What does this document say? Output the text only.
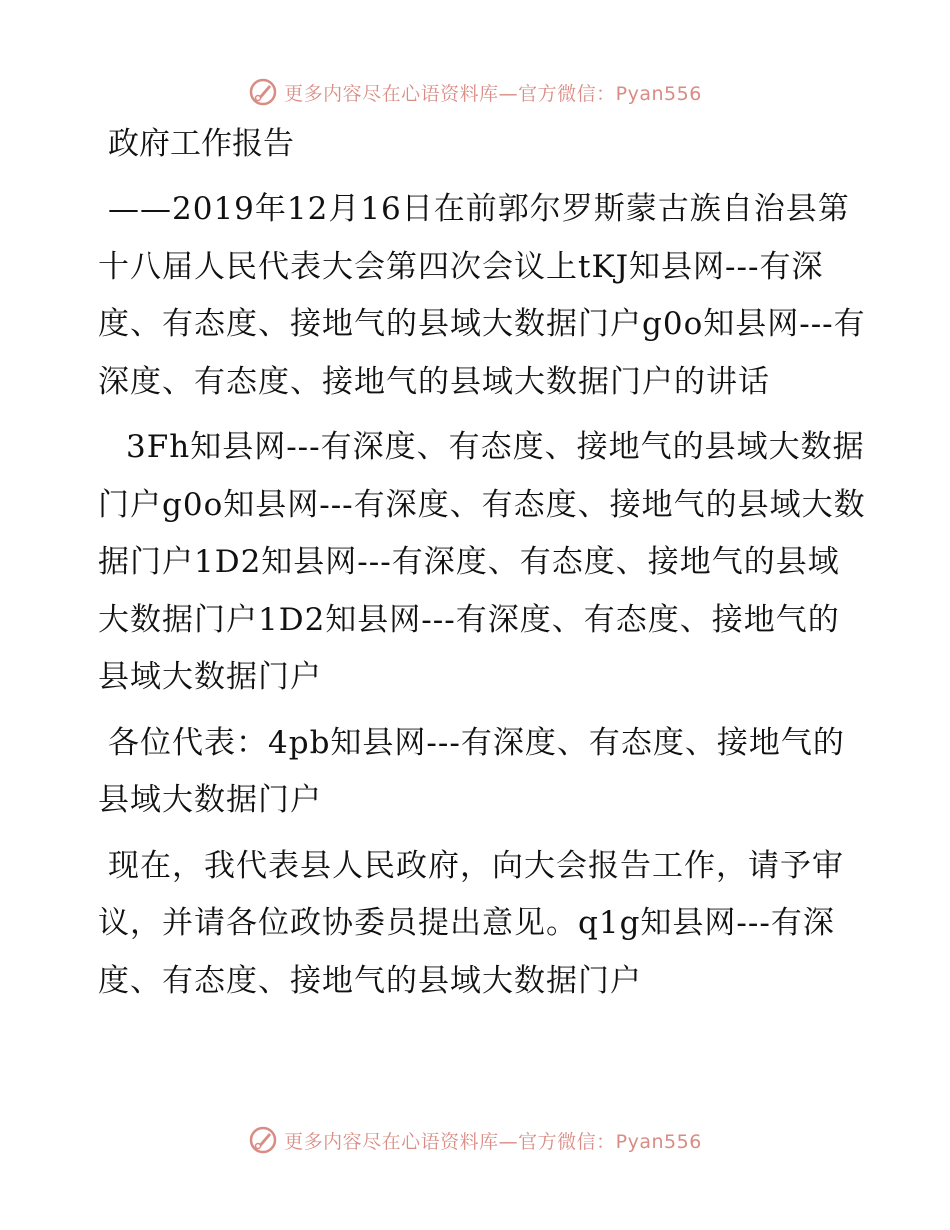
更多内容尽在心语资料库—官方微信：Pyan556
政府工作报告
——2019年12月16日在前郭尔罗斯蒙古族自治县第十八届人民代表大会第四次会议上tKJ知县网---有深度、有态度、接地气的县域大数据门户g0o知县网---有深度、有态度、接地气的县域大数据门户的讲话
3Fh知县网---有深度、有态度、接地气的县域大数据门户g0o知县网---有深度、有态度、接地气的县域大数据门户1D2知县网---有深度、有态度、接地气的县域大数据门户1D2知县网---有深度、有态度、接地气的县域大数据门户
各位代表：4pb知县网---有深度、有态度、接地气的县域大数据门户
现在，我代表县人民政府，向大会报告工作，请予审议，并请各位政协委员提出意见。q1g知县网---有深度、有态度、接地气的县域大数据门户
更多内容尽在心语资料库—官方微信：Pyan556
